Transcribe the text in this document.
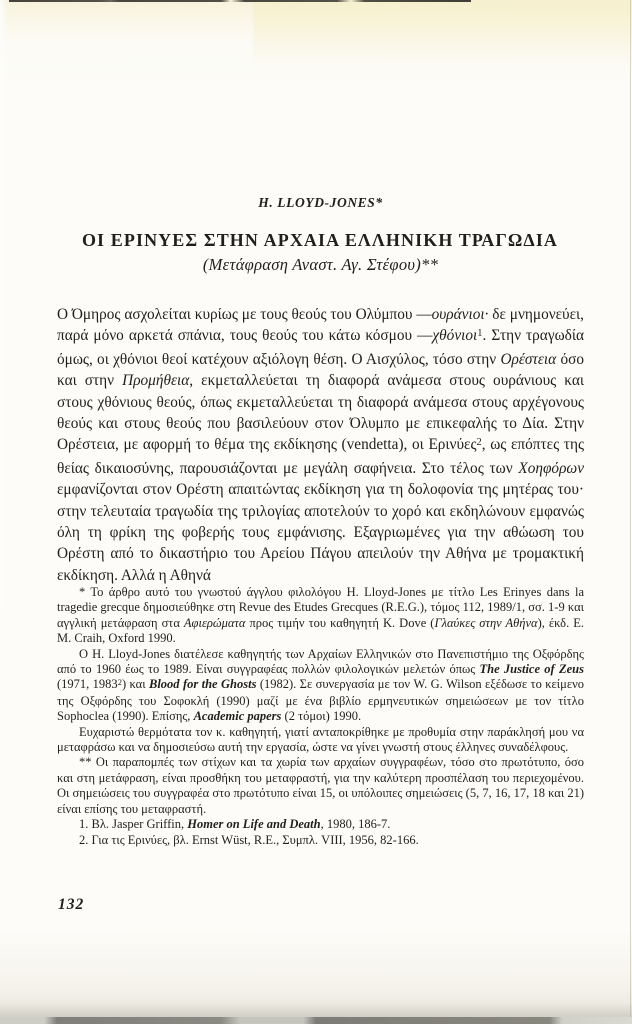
H. LLOYD-JONES*
ΟΙ ΕΡΙΝΥΕΣ ΣΤΗΝ ΑΡΧΑΙΑ ΕΛΛΗΝΙΚΗ ΤΡΑΓΩΔΙΑ
(Μετάφραση Αναστ. Αγ. Στέφου)**

Ο Όμηρος ασχολείται κυρίως με τους θεούς του Ολύμπου —ουράνιοι· δε μνημονεύει, παρά μόνο αρκετά σπάνια, τους θεούς του κάτω κόσμου —χθόνιοι$^1$. Στην τραγωδία όμως, οι χθόνιοι θεοί κατέχουν αξιόλογη θέση. Ο Αισχύλος, τόσο στην Ορέστεια όσο και στην Προμήθεια, εκμεταλλεύεται τη διαφορά ανάμεσα στους ουράνιους και στους χθόνιους θεούς, όπως εκμεταλλεύεται τη διαφορά ανάμεσα στους αρχέγονους θεούς και στους θεούς που βασιλεύουν στον Όλυμπο με επικεφαλής το Δία. Στην Ορέστεια, με αφορμή το θέμα της εκδίκησης (vendetta), οι Ερινύες$^2$, ως επόπτες της θείας δικαιοσύνης, παρουσιάζονται με μεγάλη σαφήνεια. Στο τέλος των Χοηφόρων εμφανίζονται στον Ορέστη απαιτώντας εκδίκηση για τη δολοφονία της μητέρας του· στην τελευταία τραγωδία της τριλογίας αποτελούν το χορό και εκδηλώνουν εμφανώς όλη τη φρίκη της φοβερής τους εμφάνισης. Εξαγριωμένες για την αθώωση του Ορέστη από το δικαστήριο του Αρείου Πάγου απειλούν την Αθήνα με τρομακτική εκδίκηση. Αλλά η Αθηνά

* Το άρθρο αυτό του γνωστού άγγλου φιλολόγου H. Lloyd-Jones με τίτλο Les Erinyes dans la tragedie grecque δημοσιεύθηκε στη Revue des Etudes Grecques (R.E.G.), τόμος 112, 1989/1, σσ. 1-9 και αγγλική μετάφραση στα Αφιερώματα προς τιμήν του καθηγητή K. Dove (Γλαύκες στην Αθήνα), έκδ. E. M. Craih, Oxford 1990.

Ο H. Lloyd-Jones διατέλεσε καθηγητής των Αρχαίων Ελληνικών στο Πανεπιστήμιο της Οξφόρδης από το 1960 έως το 1989. Είναι συγγραφέας πολλών φιλολογικών μελετών όπως The Justice of Zeus (1971, 1983$^2$) και Blood for the Ghosts (1982). Σε συνεργασία με τον W. G. Wilson εξέδωσε το κείμενο της Οξφόρδης του Σοφοκλή (1990) μαζί με ένα βιβλίο ερμηνευτικών σημειώσεων με τον τίτλο Sophoclea (1990). Επίσης, Academic papers (2 τόμοι) 1990.

Ευχαριστώ θερμότατα τον κ. καθηγητή, γιατί ανταποκρίθηκε με προθυμία στην παράκλησή μου να μεταφράσω και να δημοσιεύσω αυτή την εργασία, ώστε να γίνει γνωστή στους έλληνες συναδέλφους.

** Οι παραπομπές των στίχων και τα χωρία των αρχαίων συγγραφέων, τόσο στο πρωτότυπο, όσο και στη μετάφραση, είναι προσθήκη του μεταφραστή, για την καλύτερη προσπέλαση του περιεχομένου. Οι σημειώσεις του συγγραφέα στο πρωτότυπο είναι 15, οι υπόλοιπες σημειώσεις (5, 7, 16, 17, 18 και 21) είναι επίσης του μεταφραστή.

1. Βλ. Jasper Griffin, Homer on Life and Death, 1980, 186-7.

2. Για τις Ερινύες, βλ. Ernst Wüst, R.E., Συμπλ. VIII, 1956, 82-166.

132
